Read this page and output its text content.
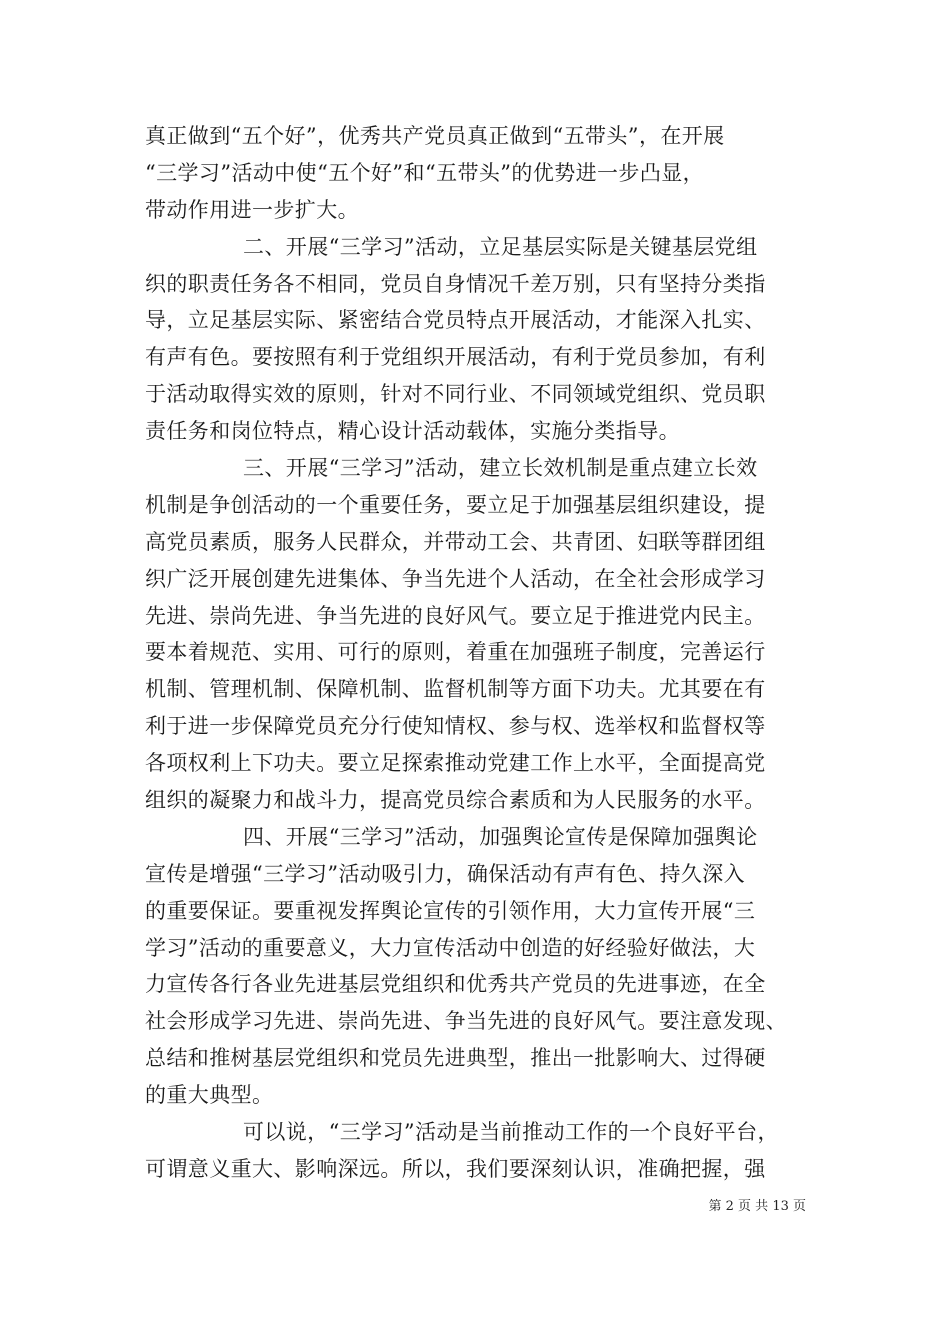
真正做到“五个好”，优秀共产党员真正做到“五带头”，在开展
“三学习”活动中使“五个好”和“五带头”的优势进一步凸显，
带动作用进一步扩大。
二、开展“三学习”活动，立足基层实际是关键基层党组
织的职责任务各不相同，党员自身情况千差万别，只有坚持分类指
导，立足基层实际、紧密结合党员特点开展活动，才能深入扎实、
有声有色。要按照有利于党组织开展活动，有利于党员参加，有利
于活动取得实效的原则，针对不同行业、不同领域党组织、党员职
责任务和岗位特点，精心设计活动载体，实施分类指导。
三、开展“三学习”活动，建立长效机制是重点建立长效
机制是争创活动的一个重要任务，要立足于加强基层组织建设，提
高党员素质，服务人民群众，并带动工会、共青团、妇联等群团组
织广泛开展创建先进集体、争当先进个人活动，在全社会形成学习
先进、崇尚先进、争当先进的良好风气。要立足于推进党内民主。
要本着规范、实用、可行的原则，着重在加强班子制度，完善运行
机制、管理机制、保障机制、监督机制等方面下功夫。尤其要在有
利于进一步保障党员充分行使知情权、参与权、选举权和监督权等
各项权利上下功夫。要立足探索推动党建工作上水平，全面提高党
组织的凝聚力和战斗力，提高党员综合素质和为人民服务的水平。
四、开展“三学习”活动，加强舆论宣传是保障加强舆论
宣传是增强“三学习”活动吸引力，确保活动有声有色、持久深入
的重要保证。要重视发挥舆论宣传的引领作用，大力宣传开展“三
学习”活动的重要意义，大力宣传活动中创造的好经验好做法，大
力宣传各行各业先进基层党组织和优秀共产党员的先进事迹，在全
社会形成学习先进、崇尚先进、争当先进的良好风气。要注意发现、
总结和推树基层党组织和党员先进典型，推出一批影响大、过得硬
的重大典型。
可以说，“三学习”活动是当前推动工作的一个良好平台，
可谓意义重大、影响深远。所以，我们要深刻认识，准确把握，强
第 2 页 共 13 页
